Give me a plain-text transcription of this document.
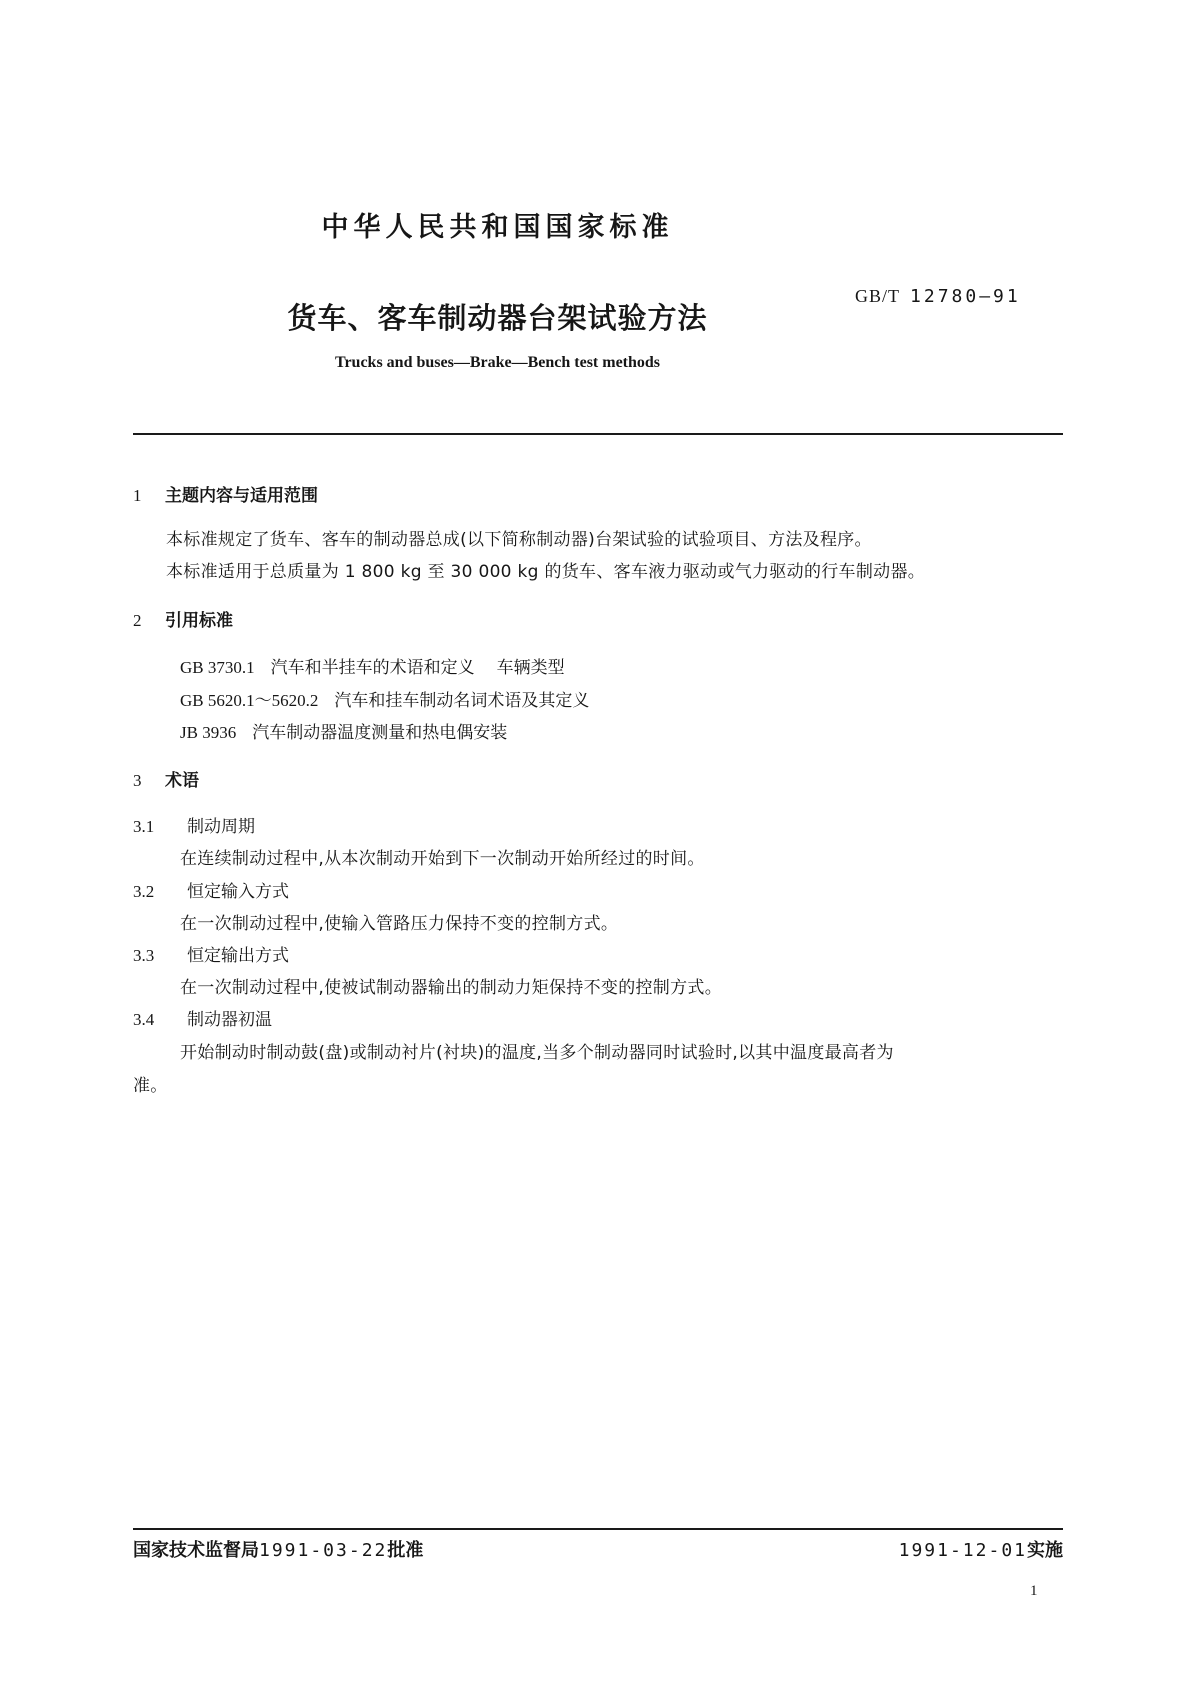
中华人民共和国国家标准
GB/T 12780—91
货车、客车制动器台架试验方法
Trucks and buses—Brake—Bench test methods
1 主题内容与适用范围
本标准规定了货车、客车的制动器总成(以下简称制动器)台架试验的试验项目、方法及程序。
本标准适用于总质量为 1 800 kg 至 30 000 kg 的货车、客车液力驱动或气力驱动的行车制动器。
2 引用标准
GB 3730.1 汽车和半挂车的术语和定义 车辆类型
GB 5620.1～5620.2 汽车和挂车制动名词术语及其定义
JB 3936 汽车制动器温度测量和热电偶安装
3 术语
3.1 制动周期
在连续制动过程中,从本次制动开始到下一次制动开始所经过的时间。
3.2 恒定输入方式
在一次制动过程中,使输入管路压力保持不变的控制方式。
3.3 恒定输出方式
在一次制动过程中,使被试制动器输出的制动力矩保持不变的控制方式。
3.4 制动器初温
开始制动时制动鼓(盘)或制动衬片(衬块)的温度,当多个制动器同时试验时,以其中温度最高者为
准。
国家技术监督局1991-03-22批准	1991-12-01实施
1
